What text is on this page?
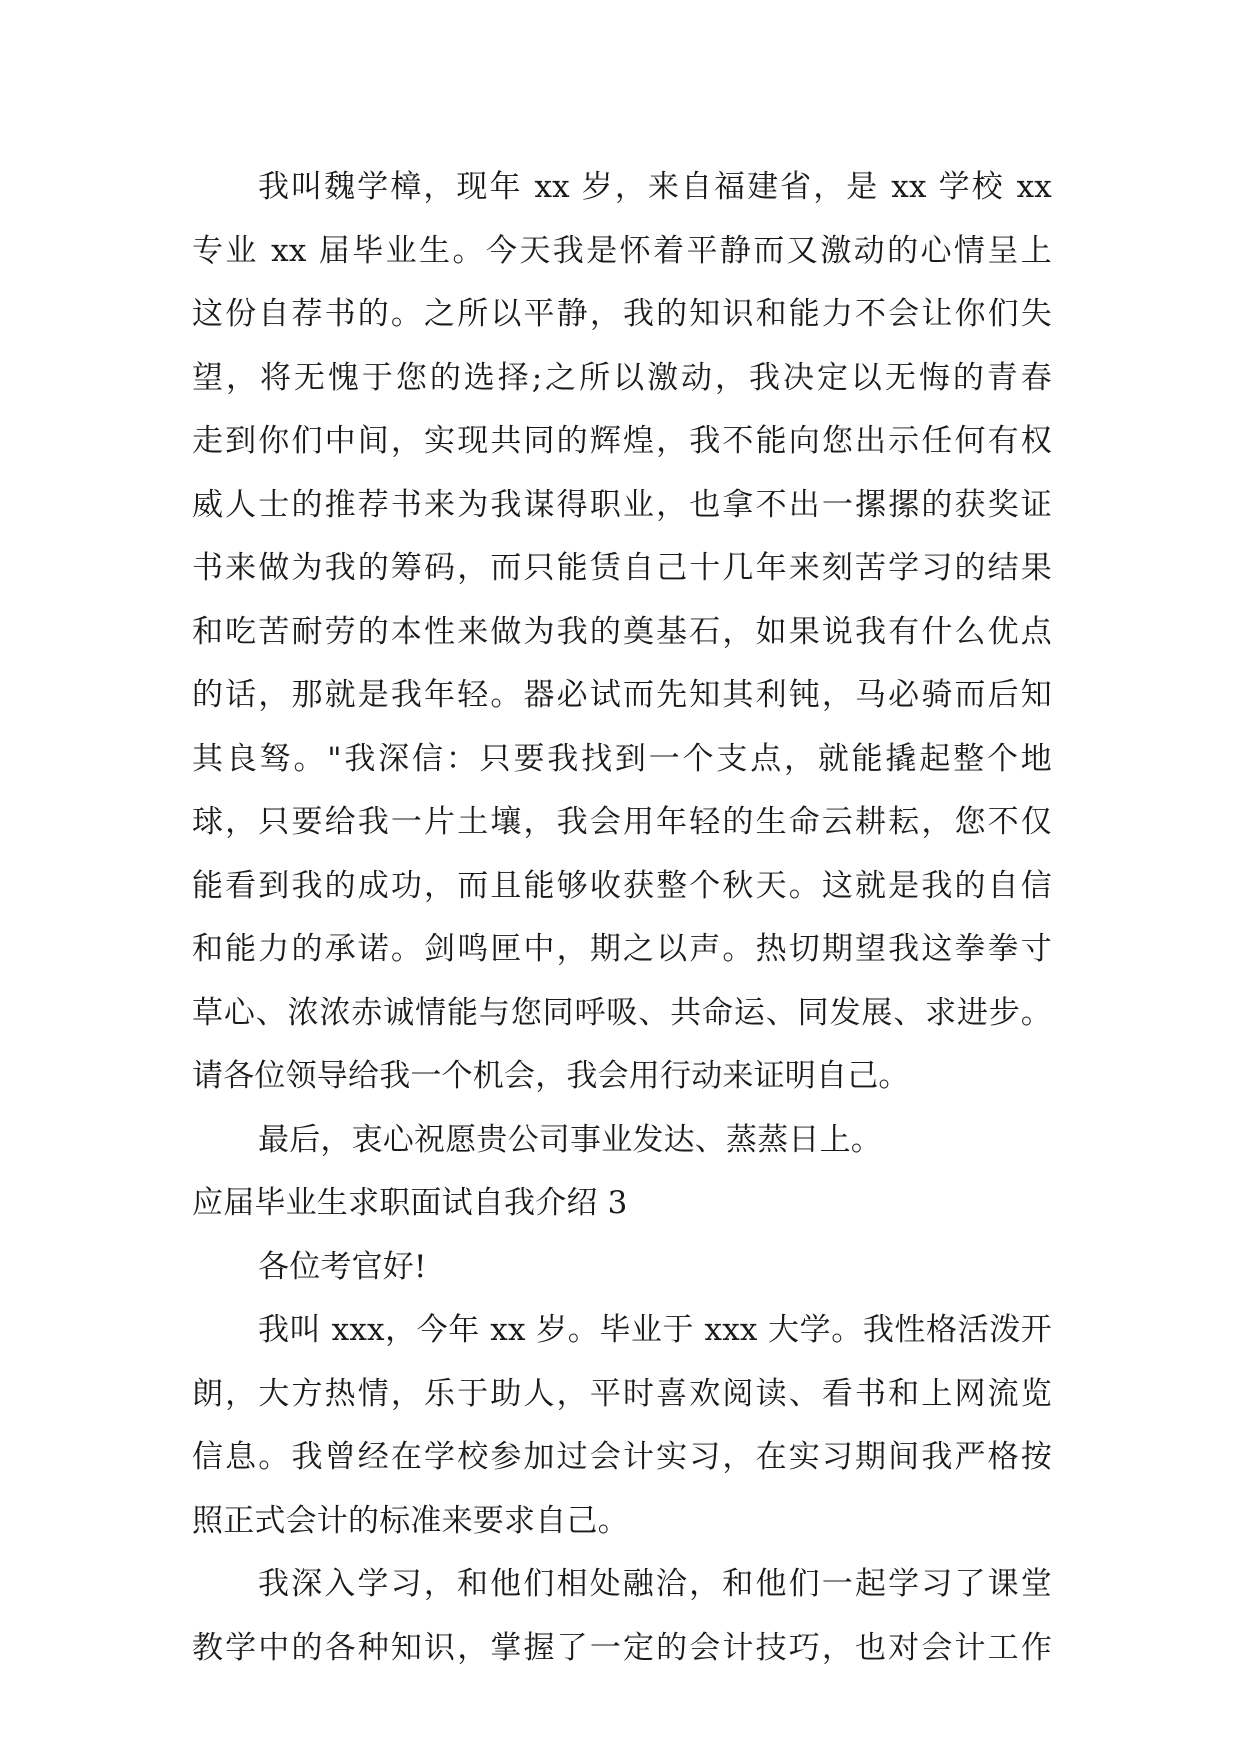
我叫魏学樟，现年 xx 岁，来自福建省，是 xx 学校 xx
专业 xx 届毕业生。今天我是怀着平静而又激动的心情呈上
这份自荐书的。之所以平静，我的知识和能力不会让你们失
望，将无愧于您的选择;之所以激动，我决定以无悔的青春
走到你们中间，实现共同的辉煌，我不能向您出示任何有权
威人士的推荐书来为我谋得职业，也拿不出一摞摞的获奖证
书来做为我的筹码，而只能赁自己十几年来刻苦学习的结果
和吃苦耐劳的本性来做为我的奠基石，如果说我有什么优点
的话，那就是我年轻。器必试而先知其利钝，马必骑而后知
其良驽。"我深信：只要我找到一个支点，就能撬起整个地
球，只要给我一片土壤，我会用年轻的生命云耕耘，您不仅
能看到我的成功，而且能够收获整个秋天。这就是我的自信
和能力的承诺。剑鸣匣中，期之以声。热切期望我这拳拳寸
草心、浓浓赤诚情能与您同呼吸、共命运、同发展、求进步。
请各位领导给我一个机会，我会用行动来证明自己。
最后，衷心祝愿贵公司事业发达、蒸蒸日上。
应届毕业生求职面试自我介绍 3
各位考官好!
我叫 xxx，今年 xx 岁。毕业于 xxx 大学。我性格活泼开
朗，大方热情，乐于助人，平时喜欢阅读、看书和上网流览
信息。我曾经在学校参加过会计实习，在实习期间我严格按
照正式会计的标准来要求自己。
我深入学习，和他们相处融洽，和他们一起学习了课堂
教学中的各种知识，掌握了一定的会计技巧，也对会计工作
